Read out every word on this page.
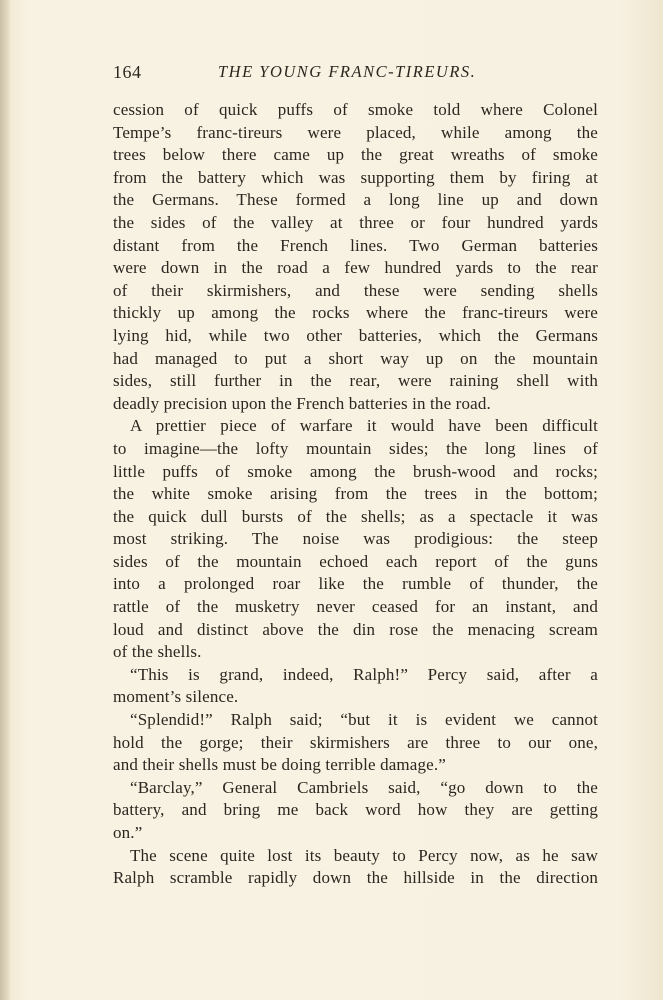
164	THE YOUNG FRANC-TIREURS.
cession of quick puffs of smoke told where Colonel
Tempe’s franc-tireurs were placed, while among the
trees below there came up the great wreaths of smoke
from the battery which was supporting them by firing at
the Germans. These formed a long line up and down
the sides of the valley at three or four hundred yards
distant from the French lines. Two German batteries
were down in the road a few hundred yards to the rear
of their skirmishers, and these were sending shells
thickly up among the rocks where the franc-tireurs were
lying hid, while two other batteries, which the Germans
had managed to put a short way up on the mountain
sides, still further in the rear, were raining shell with
deadly precision upon the French batteries in the road.
A prettier piece of warfare it would have been difficult
to imagine—the lofty mountain sides; the long lines of
little puffs of smoke among the brush-wood and rocks;
the white smoke arising from the trees in the bottom;
the quick dull bursts of the shells; as a spectacle it was
most striking. The noise was prodigious: the steep
sides of the mountain echoed each report of the guns
into a prolonged roar like the rumble of thunder, the
rattle of the musketry never ceased for an instant, and
loud and distinct above the din rose the menacing scream
of the shells.
“This is grand, indeed, Ralph!” Percy said, after a
moment’s silence.
“Splendid!” Ralph said; “but it is evident we cannot
hold the gorge; their skirmishers are three to our one,
and their shells must be doing terrible damage.”
“Barclay,” General Cambriels said, “go down to the
battery, and bring me back word how they are getting
on.”
The scene quite lost its beauty to Percy now, as he saw
Ralph scramble rapidly down the hillside in the direction
